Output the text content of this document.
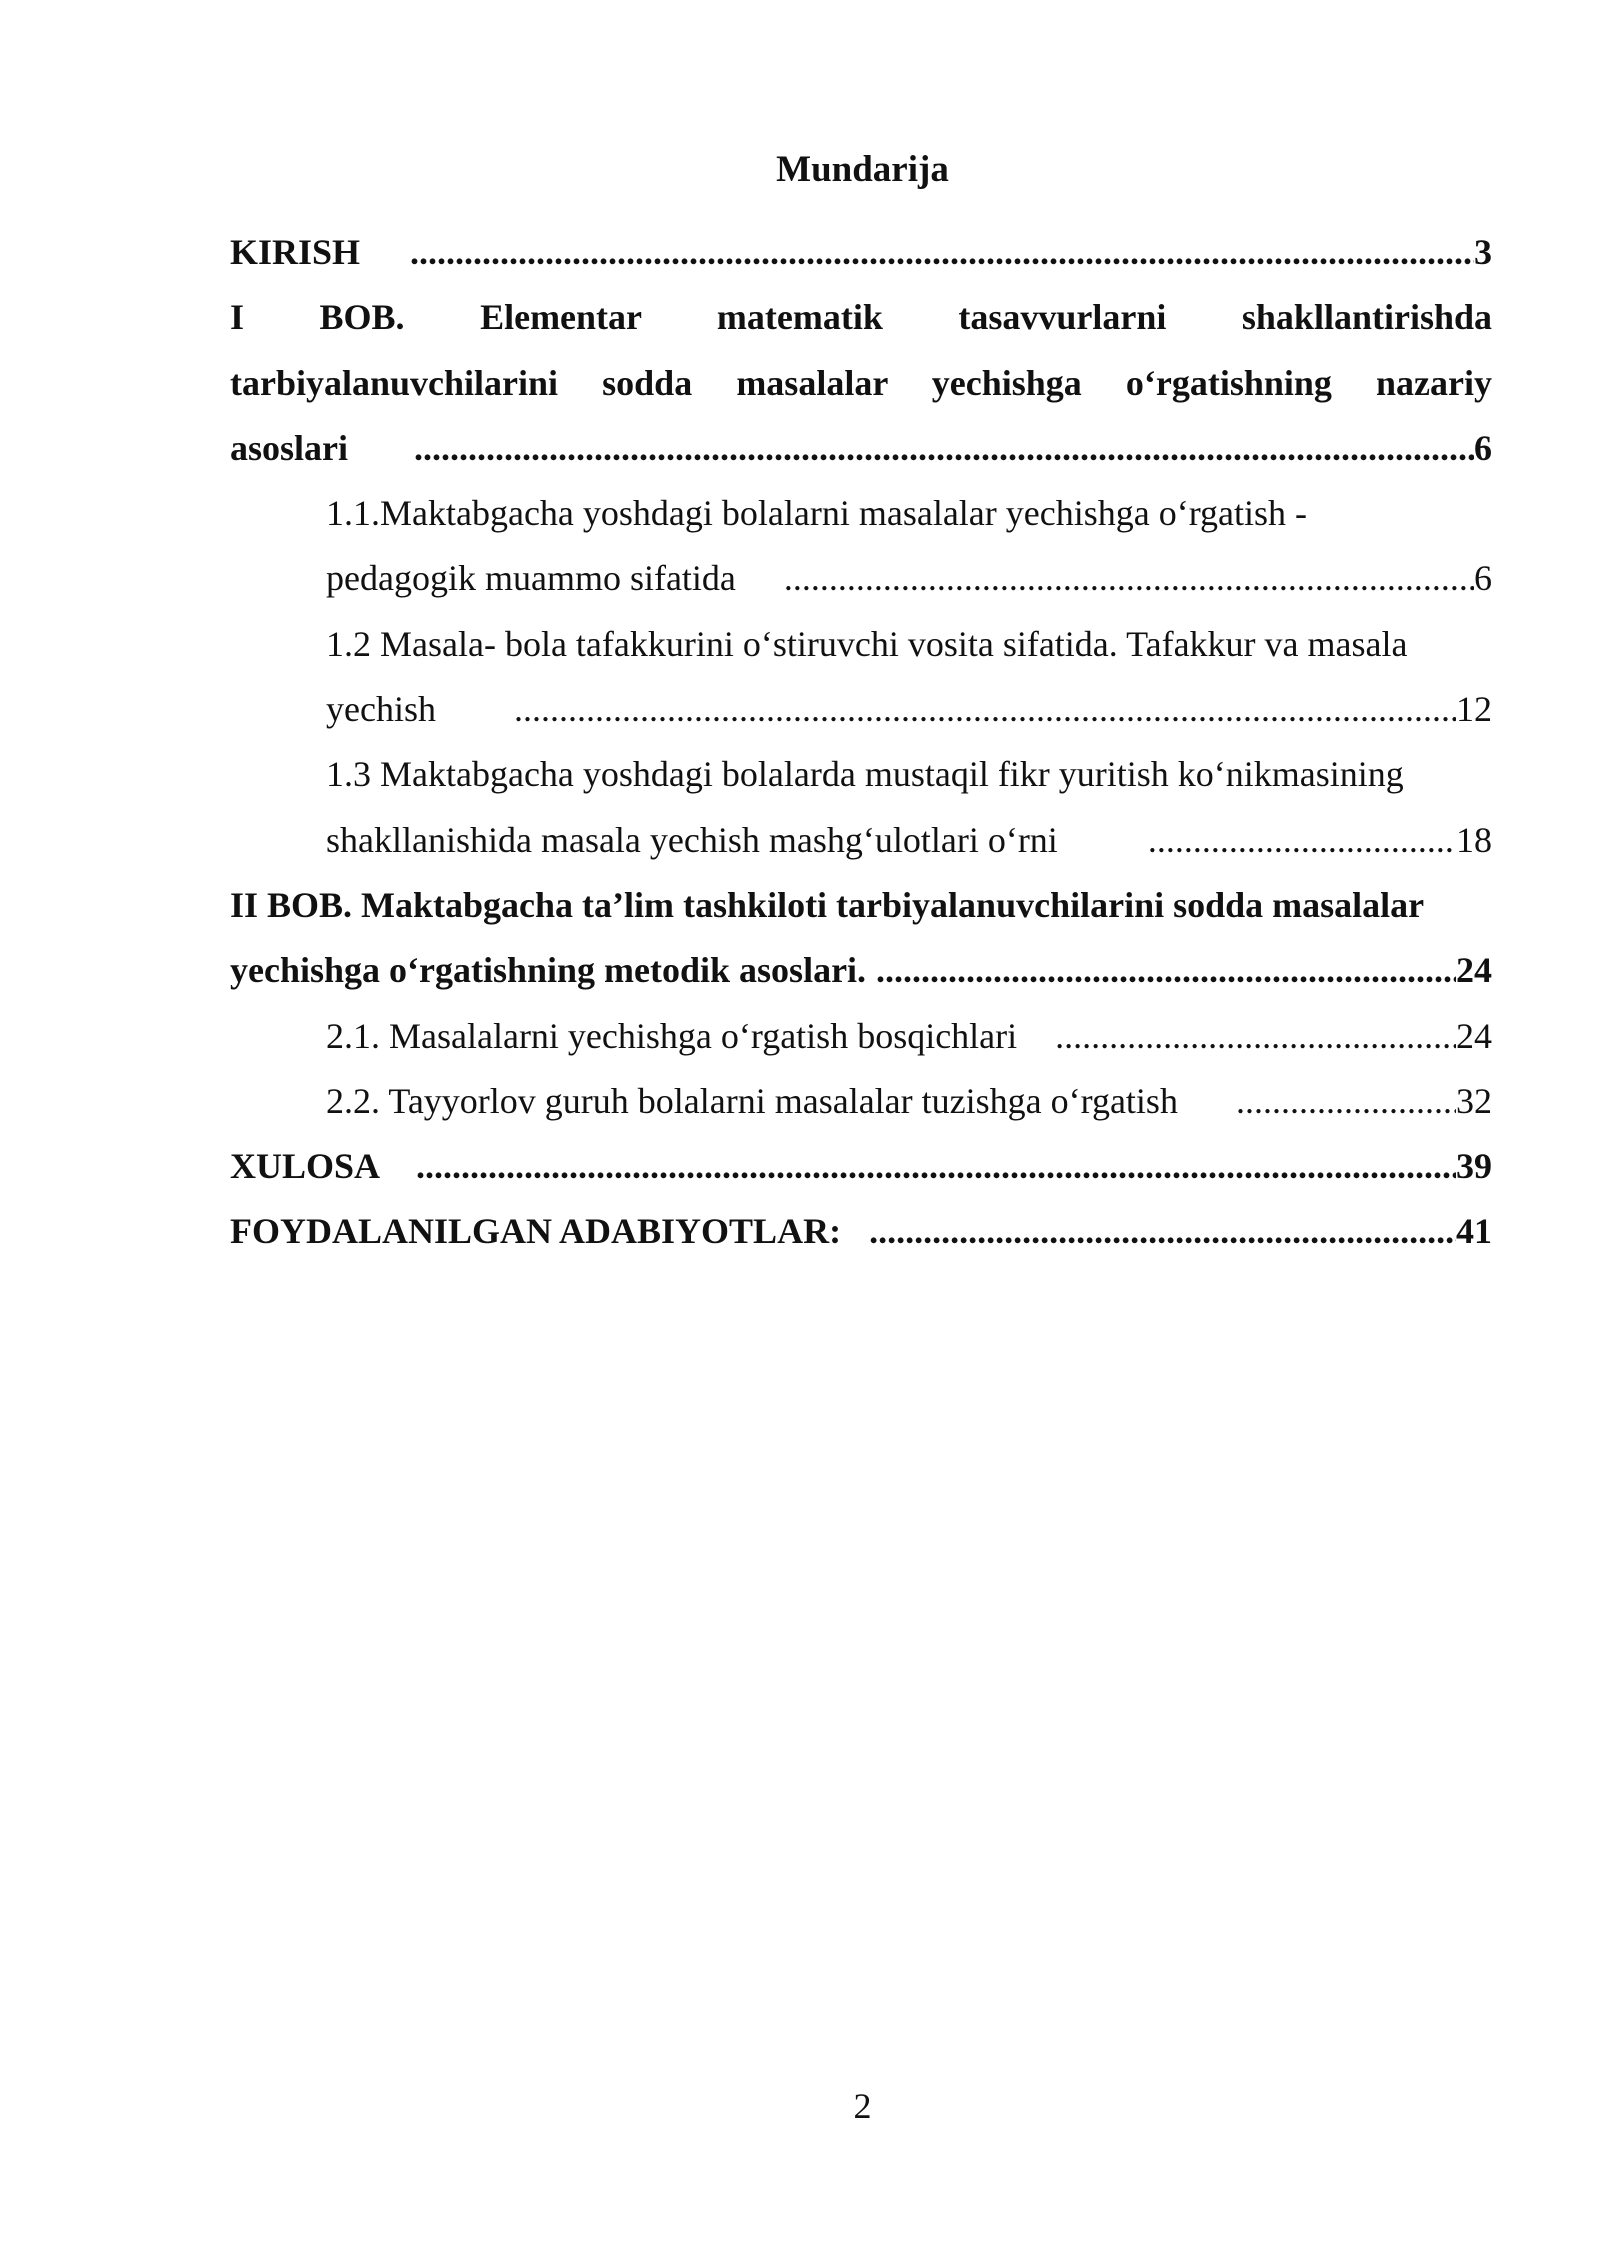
Mundarija
KIRISH .....	3
I BOB. Elementar matematik tasavvurlarni shakllantirishda
tarbiyalanuvchilarini sodda masalalar yechishga o‘rgatishning nazariy
asoslari .....	6
1.1.Maktabgacha yoshdagi bolalarni masalalar yechishga o‘rgatish -
pedagogik muammo sifatida .....	6
1.2 Masala- bola tafakkurini o‘stiruvchi vosita sifatida. Tafakkur va masala
yechish .....	12
1.3 Maktabgacha yoshdagi bolalarda mustaqil fikr yuritish ko‘nikmasining
shakllanishida masala yechish mashg‘ulotlari o‘rni .....	18
II BOB. Maktabgacha ta’lim tashkiloti tarbiyalanuvchilarini sodda masalalar
yechishga o‘rgatishning metodik asoslari. .....	24
2.1. Masalalarni yechishga o‘rgatish bosqichlari .....	24
2.2. Tayyorlov guruh bolalarni masalalar tuzishga o‘rgatish .....	32
XULOSA .....	39
FOYDALANILGAN ADABIYOTLAR: .....	41

2
